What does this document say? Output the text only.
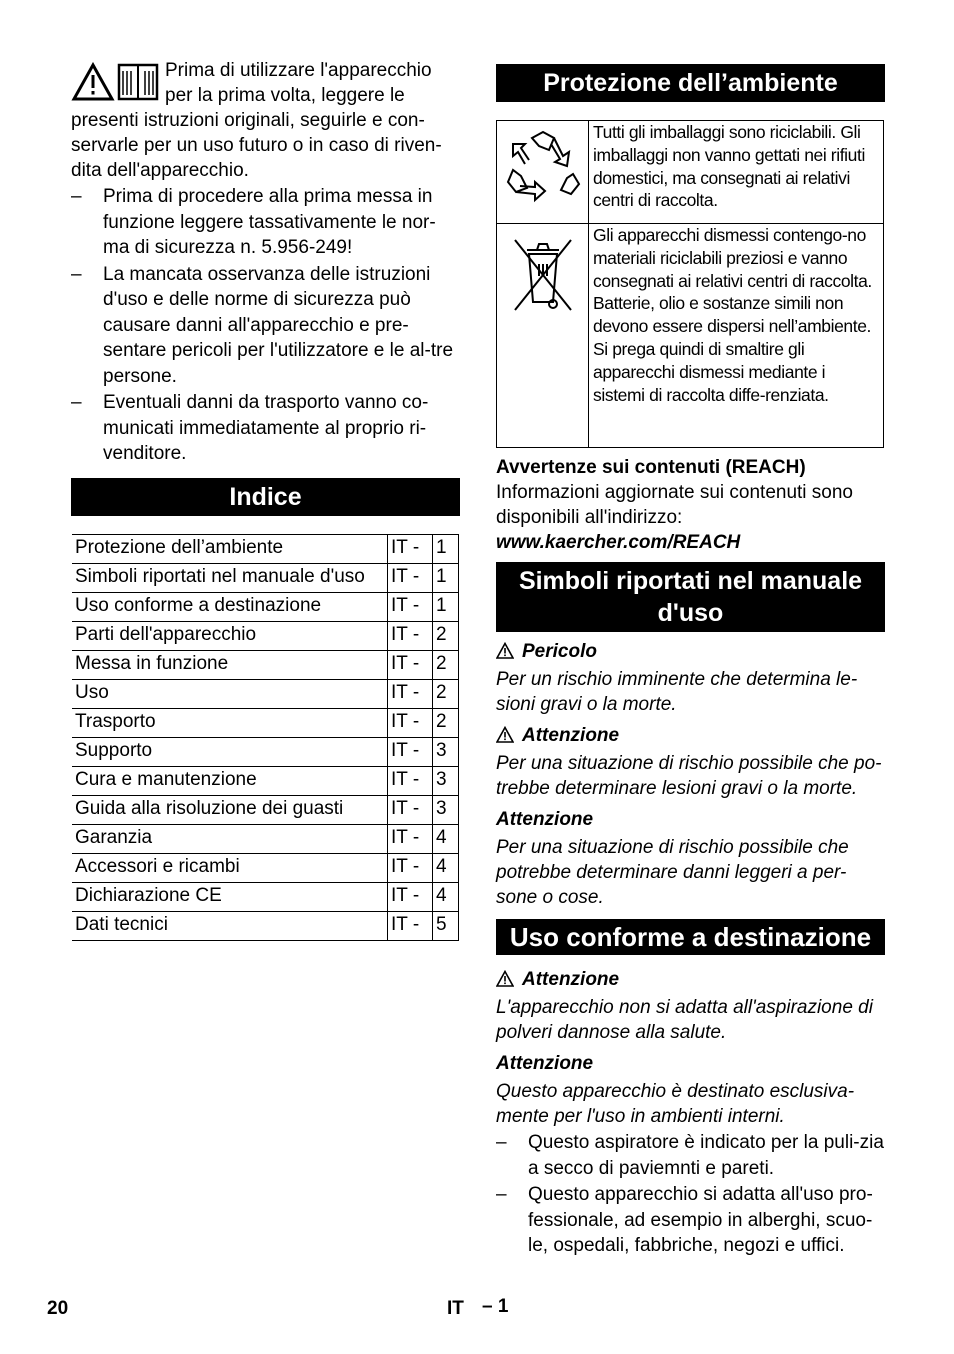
Prima di utilizzare l'apparecchio per la prima volta, leggere le presenti istruzioni originali, seguirle e con-servarle per un uso futuro o in caso di riven-dita dell'apparecchio.

– Prima di procedere alla prima messa in funzione leggere tassativamente le nor-ma di sicurezza n. 5.956-249!
– La mancata osservanza delle istruzioni d'uso e delle norme di sicurezza può causare danni all'apparecchio e pre-sentare pericoli per l'utilizzatore e le al-tre persone.
– Eventuali danni da trasporto vanno co-municati immediatamente al proprio ri-venditore.
Indice
Protezione dell’ambiente	IT -	1
Simboli riportati nel manuale d'uso	IT -	1
Uso conforme a destinazione	IT -	1
Parti dell'apparecchio	IT -	2
Messa in funzione	IT -	2
Uso	IT -	2
Trasporto	IT -	2
Supporto	IT -	3
Cura e manutenzione	IT -	3
Guida alla risoluzione dei guasti	IT -	3
Garanzia	IT -	4
Accessori e ricambi	IT -	4
Dichiarazione CE	IT -	4
Dati tecnici	IT -	5
Protezione dell’ambiente
	Tutti gli imballaggi sono riciclabili. Gli imballaggi non vanno gettati nei rifiuti domestici, ma consegnati ai relativi centri di raccolta.
	Gli apparecchi dismessi contengo-no materiali riciclabili preziosi e vanno consegnati ai relativi centri di raccolta. Batterie, olio e sostanze simili non devono essere dispersi nell’ambiente. Si prega quindi di smaltire gli apparecchi dismessi mediante i sistemi di raccolta diffe-renziata.

Avvertenze sui contenuti (REACH)

Informazioni aggiornate sui contenuti sono disponibili all'indirizzo:

www.kaercher.com/REACH

Simboli riportati nel manuale
d'uso

Pericolo

Per un rischio imminente che determina le-sioni gravi o la morte.

Attenzione

Per una situazione di rischio possibile che po-trebbe determinare lesioni gravi o la morte.

Attenzione

Per una situazione di rischio possibile che potrebbe determinare danni leggeri a per-sone o cose.

Uso conforme a destinazione

Attenzione

L'apparecchio non si adatta all'aspirazione di polveri dannose alla salute.

Attenzione

Questo apparecchio è destinato esclusiva-mente per l'uso in ambienti interni.

– Questo aspiratore è indicato per la puli-zia a secco di paviemnti e pareti.
– Questo apparecchio si adatta all'uso pro-fessionale, ad esempio in alberghi, scuo-le, ospedali, fabbriche, negozi e uffici.
20	IT – 1
